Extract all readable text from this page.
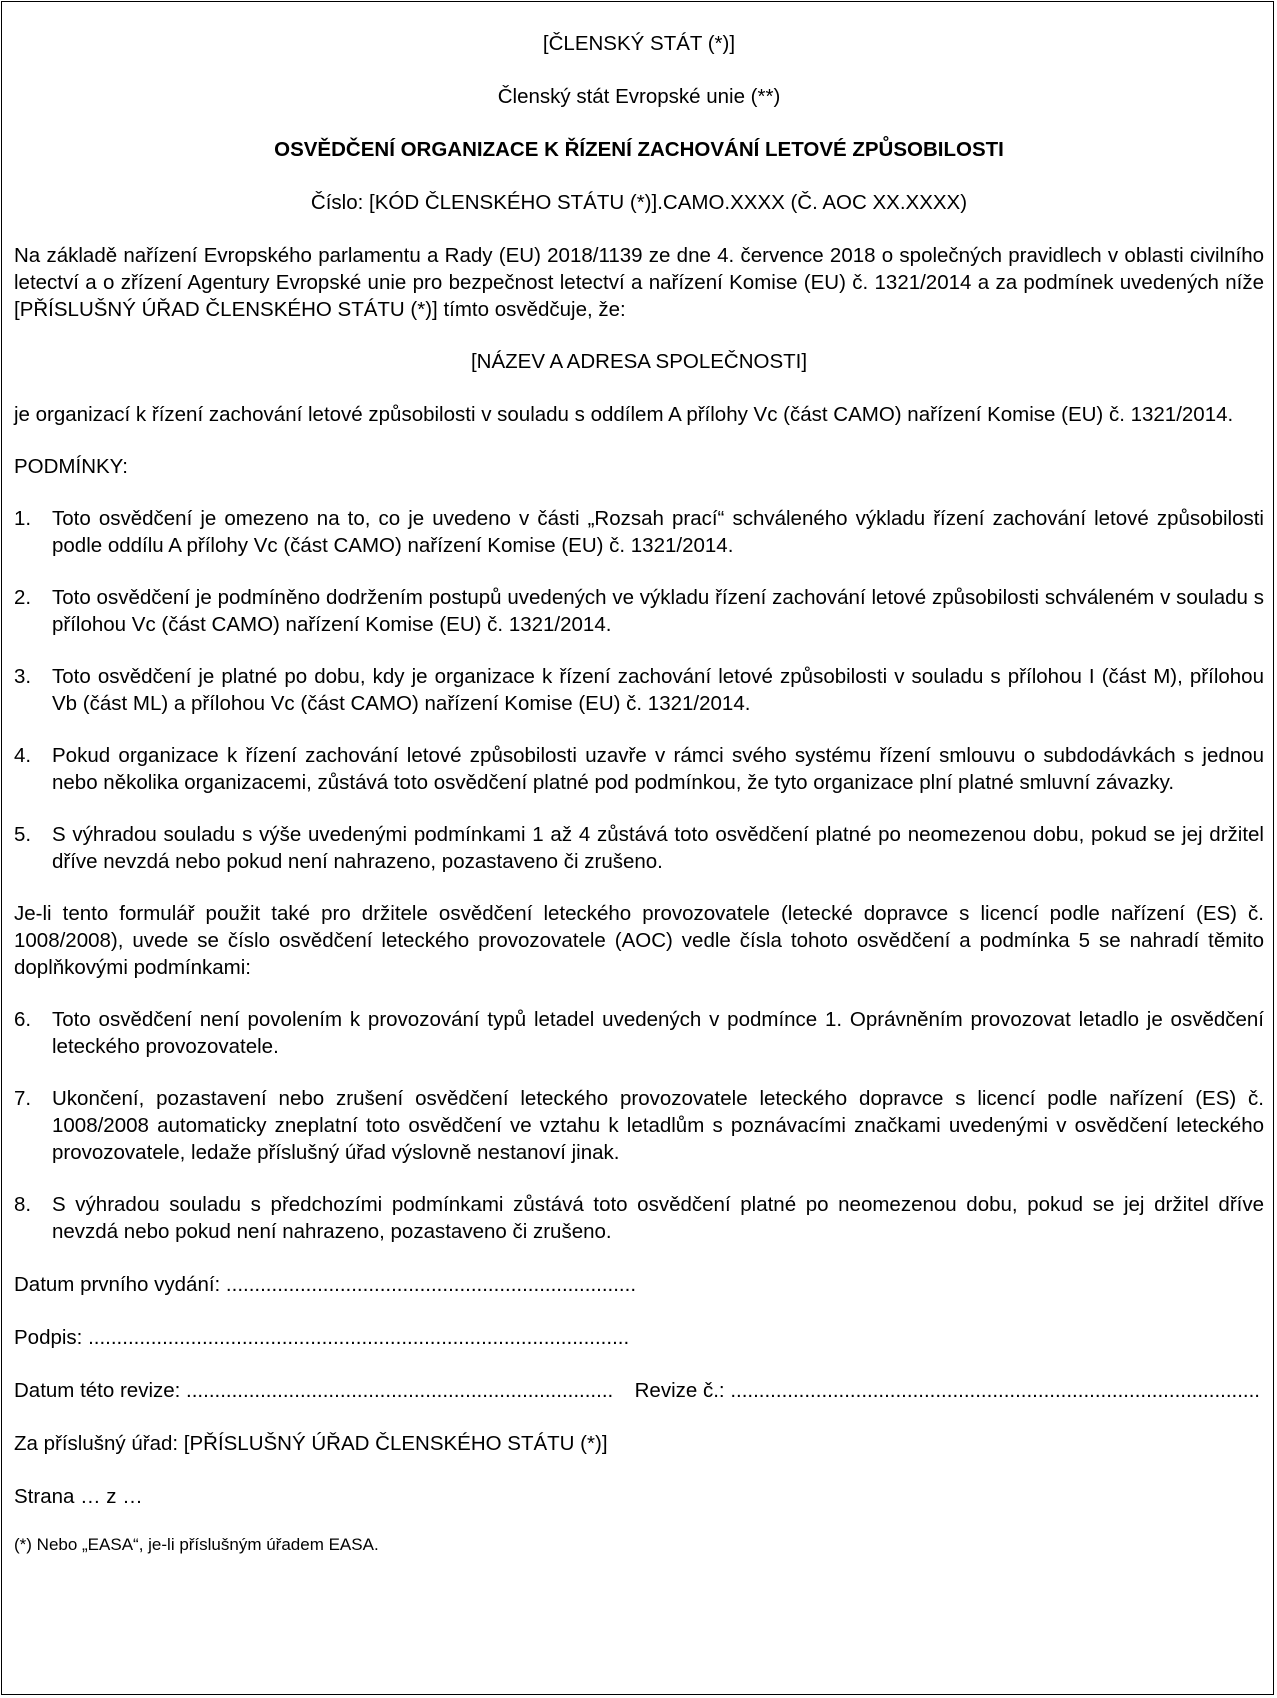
[ČLENSKÝ STÁT (*)]

Členský stát Evropské unie (**)

OSVĚDČENÍ ORGANIZACE K ŘÍZENÍ ZACHOVÁNÍ LETOVÉ ZPŮSOBILOSTI

Číslo: [KÓD ČLENSKÉHO STÁTU (*)].CAMO.XXXX (Č. AOC XX.XXXX)

Na základě nařízení Evropského parlamentu a Rady (EU) 2018/1139 ze dne 4. července 2018 o společných pravidlech v oblasti civilního letectví a o zřízení Agentury Evropské unie pro bezpečnost letectví a nařízení Komise (EU) č. 1321/2014 a za podmínek uvedených níže [PŘÍSLUŠNÝ ÚŘAD ČLENSKÉHO STÁTU (*)] tímto osvědčuje, že:

[NÁZEV A ADRESA SPOLEČNOSTI]

je organizací k řízení zachování letové způsobilosti v souladu s oddílem A přílohy Vc (část CAMO) nařízení Komise (EU) č. 1321/2014.

PODMÍNKY:

1.	Toto osvědčení je omezeno na to, co je uvedeno v části „Rozsah prací“ schváleného výkladu řízení zachování letové způsobilosti podle oddílu A přílohy Vc (část CAMO) nařízení Komise (EU) č. 1321/2014.
2.	Toto osvědčení je podmíněno dodržením postupů uvedených ve výkladu řízení zachování letové způsobilosti schváleném v souladu s přílohou Vc (část CAMO) nařízení Komise (EU) č. 1321/2014.
3.	Toto osvědčení je platné po dobu, kdy je organizace k řízení zachování letové způsobilosti v souladu s přílohou I (část M), přílohou Vb (část ML) a přílohou Vc (část CAMO) nařízení Komise (EU) č. 1321/2014.
4.	Pokud organizace k řízení zachování letové způsobilosti uzavře v rámci svého systému řízení smlouvu o subdodávkách s jednou nebo několika organizacemi, zůstává toto osvědčení platné pod podmínkou, že tyto organizace plní platné smluvní závazky.
5.	S výhradou souladu s výše uvedenými podmínkami 1 až 4 zůstává toto osvědčení platné po neomezenou dobu, pokud se jej držitel dříve nevzdá nebo pokud není nahrazeno, pozastaveno či zrušeno.

Je-li tento formulář použit také pro držitele osvědčení leteckého provozovatele (letecké dopravce s licencí podle nařízení (ES) č. 1008/2008), uvede se číslo osvědčení leteckého provozovatele (AOC) vedle čísla tohoto osvědčení a podmínka 5 se nahradí těmito doplňkovými podmínkami:

6.	Toto osvědčení není povolením k provozování typů letadel uvedených v podmínce 1. Oprávněním provozovat letadlo je osvědčení leteckého provozovatele.
7.	Ukončení, pozastavení nebo zrušení osvědčení leteckého provozovatele leteckého dopravce s licencí podle nařízení (ES) č. 1008/2008 automaticky zneplatní toto osvědčení ve vztahu k letadlům s poznávacími značkami uvedenými v osvědčení leteckého provozovatele, ledaže příslušný úřad výslovně nestanoví jinak.
8.	S výhradou souladu s předchozími podmínkami zůstává toto osvědčení platné po neomezenou dobu, pokud se jej držitel dříve nevzdá nebo pokud není nahrazeno, pozastaveno či zrušeno.

Datum prvního vydání: ........................................................................

Podpis: ...............................................................................................

Datum této revize: ........................................................................... Revize č.: .............................................................................................

Za příslušný úřad: [PŘÍSLUŠNÝ ÚŘAD ČLENSKÉHO STÁTU (*)]

Strana … z …

(*) Nebo „EASA“, je-li příslušným úřadem EASA.
